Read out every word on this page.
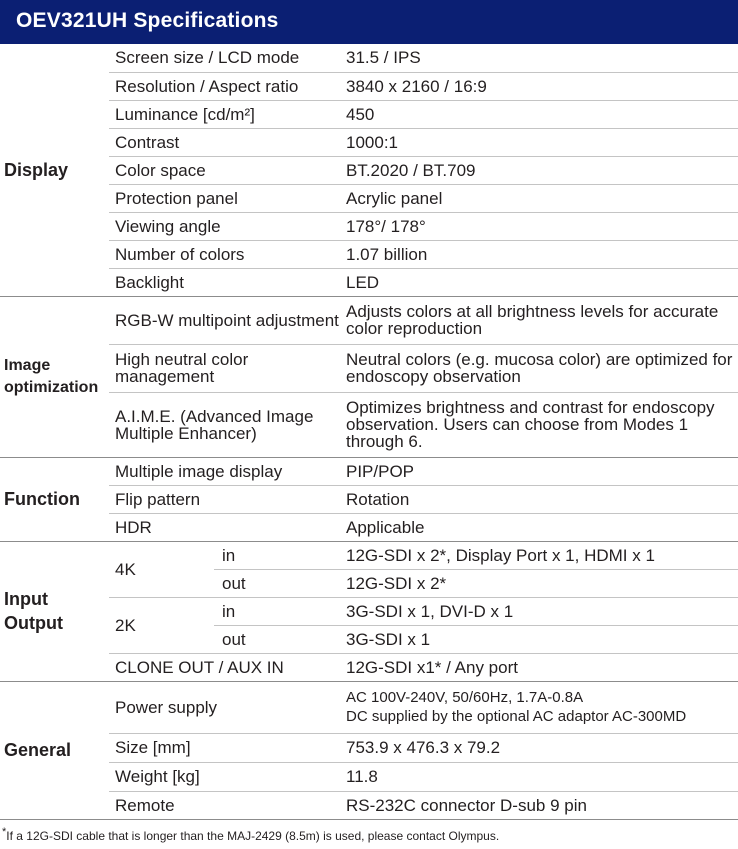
OEV321UH Specifications
Display	Screen size / LCD mode		31.5 / IPS
	Resolution / Aspect ratio		3840 x 2160 / 16:9
	Luminance [cd/m²]		450
	Contrast		1000:1
	Color space		BT.2020 / BT.709
	Protection panel		Acrylic panel
	Viewing angle		178°/ 178°
	Number of colors		1.07 billion
	Backlight		LED

Image
optimization	RGB-W multipoint adjustment		Adjusts colors at all brightness levels for accurate color reproduction
	High neutral color management		Neutral colors (e.g. mucosa color) are optimized for endoscopy observation
	A.I.M.E. (Advanced Image Multiple Enhancer)		Optimizes brightness and contrast for endoscopy observation. Users can choose from Modes 1 through 6.
Function	Multiple image display		PIP/POP
	Flip pattern		Rotation
	HDR		Applicable

Input
Output	4K	in	12G-SDI x 2*, Display Port x 1, HDMI x 1
		out	12G-SDI x 2*
	2K	in	3G-SDI x 1, DVI-D x 1
		out	3G-SDI x 1
	CLONE OUT / AUX IN		12G-SDI x1* / Any port
General	Power supply		AC 100V-240V, 50/60Hz, 1.7A-0.8A
DC supplied by the optional AC adaptor AC-300MD

	Size [mm]		753.9 x 476.3 x 79.2
	Weight [kg]		11.8
	Remote		RS-232C connector D-sub 9 pin
*If a 12G-SDI cable that is longer than the MAJ-2429 (8.5m) is used, please contact Olympus.
